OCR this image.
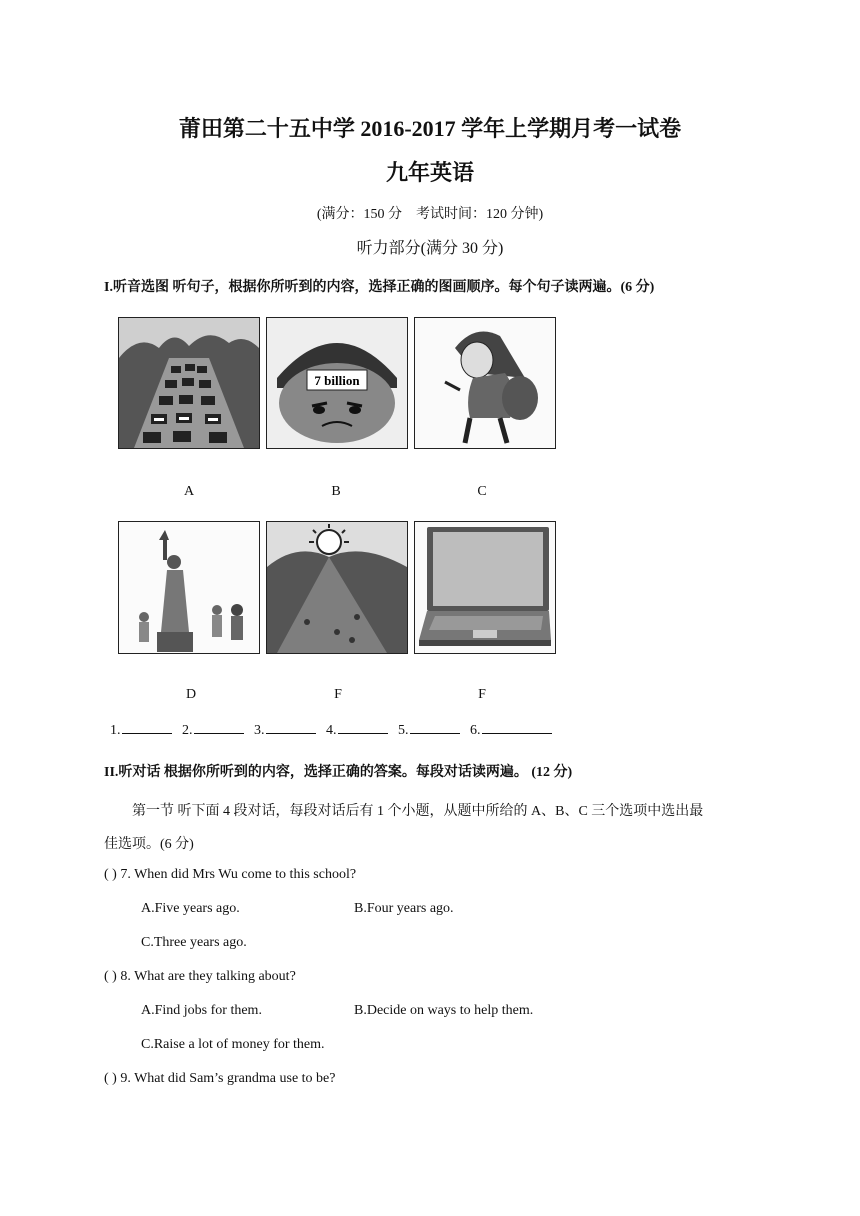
莆田第二十五中学 2016-2017 学年上学期月考一试卷
九年英语
(满分：150 分　考试时间：120 分钟)
听力部分(满分 30 分)
I.听音选图 听句子，根据你所听到的内容，选择正确的图画顺序。每个句子读两遍。(6 分)
7 billion
A	B	C
D	F	F
1.	2.	3.	4.	5.	6.
II.听对话 根据你所听到的内容，选择正确的答案。每段对话读两遍。 (12 分)
第一节 听下面 4 段对话，每段对话后有 1 个小题，从题中所给的 A、B、C 三个选项中选出最
佳选项。(6 分)
( ) 7. When did Mrs Wu come to this school?
A.Five years ago.	B.Four years ago.
C.Three years ago.
( ) 8. What are they talking about?
A.Find jobs for them.	B.Decide on ways to help them.
C.Raise a lot of money for them.
( ) 9. What did Sam’s grandma use to be?
